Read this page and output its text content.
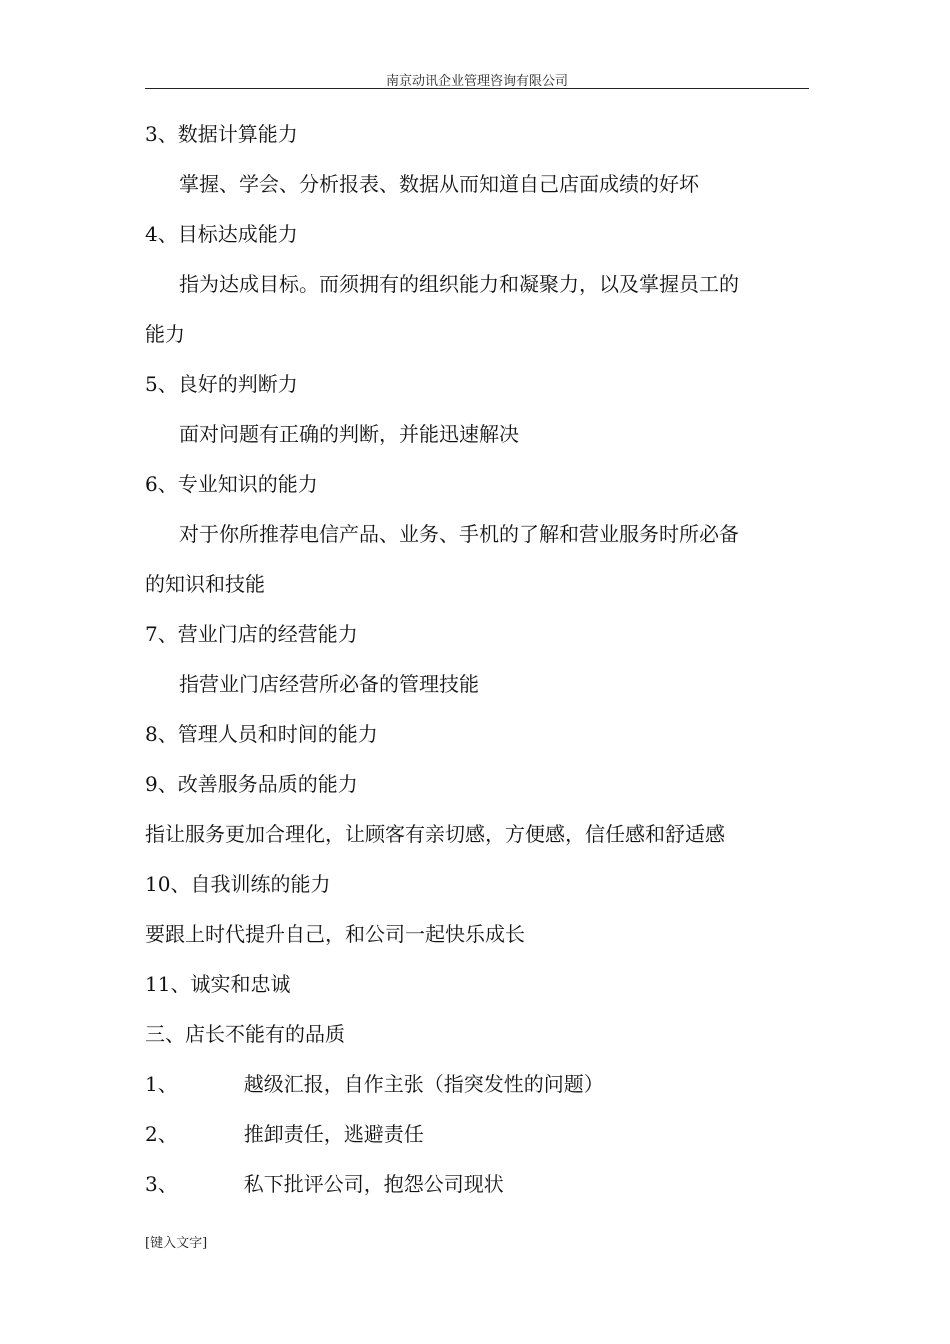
南京动讯企业管理咨询有限公司
3、数据计算能力
掌握、学会、分析报表、数据从而知道自己店面成绩的好坏
4、目标达成能力
指为达成目标。而须拥有的组织能力和凝聚力，以及掌握员工的
能力
5、良好的判断力
面对问题有正确的判断，并能迅速解决
6、专业知识的能力
对于你所推荐电信产品、业务、手机的了解和营业服务时所必备
的知识和技能
7、营业门店的经营能力
指营业门店经营所必备的管理技能
8、管理人员和时间的能力
9、改善服务品质的能力
指让服务更加合理化，让顾客有亲切感，方便感，信任感和舒适感
10、自我训练的能力
要跟上时代提升自己，和公司一起快乐成长
11、诚实和忠诚
三、店长不能有的品质
1、	越级汇报，自作主张（指突发性的问题）
2、	推卸责任，逃避责任
3、	私下批评公司，抱怨公司现状
[键入文字]
